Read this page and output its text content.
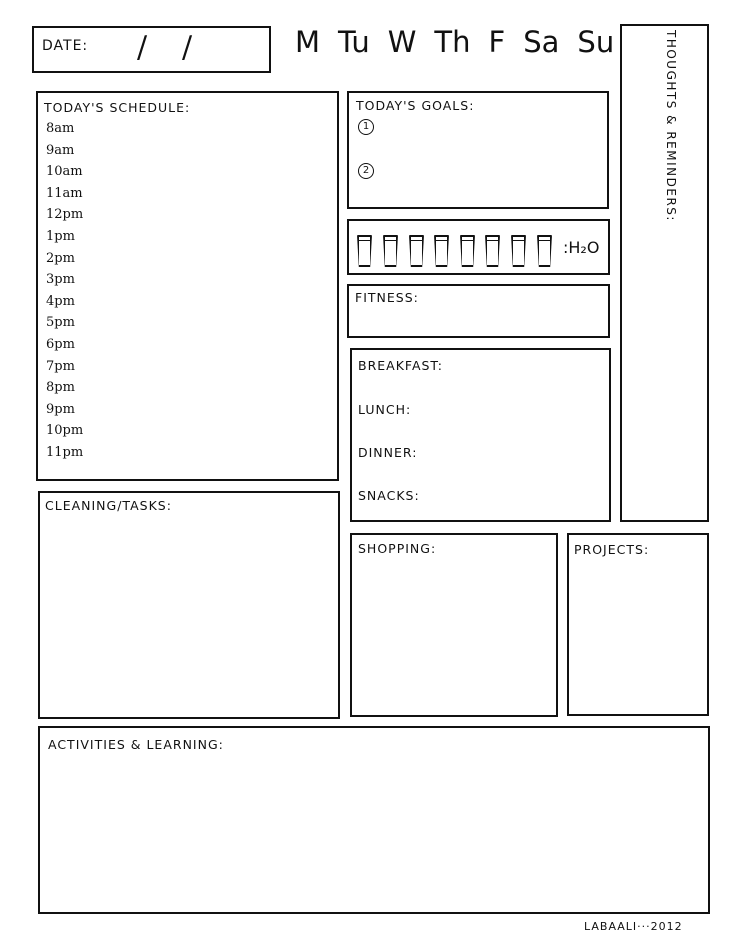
DATE: / /	M Tu W Th F Sa Su	THOUGHTS & REMINDERS:
TODAY'S SCHEDULE:
8am
9am
10am
11am
12pm
1pm
2pm
3pm
4pm
5pm
6pm
7pm
8pm
9pm
10pm
11pm
TODAY'S GOALS:
1
2
:H₂O
FITNESS:
BREAKFAST:
LUNCH:
DINNER:
SNACKS:
CLEANING/TASKS:
SHOPPING:	PROJECTS:
ACTIVITIES & LEARNING:
LABAALI···2012
